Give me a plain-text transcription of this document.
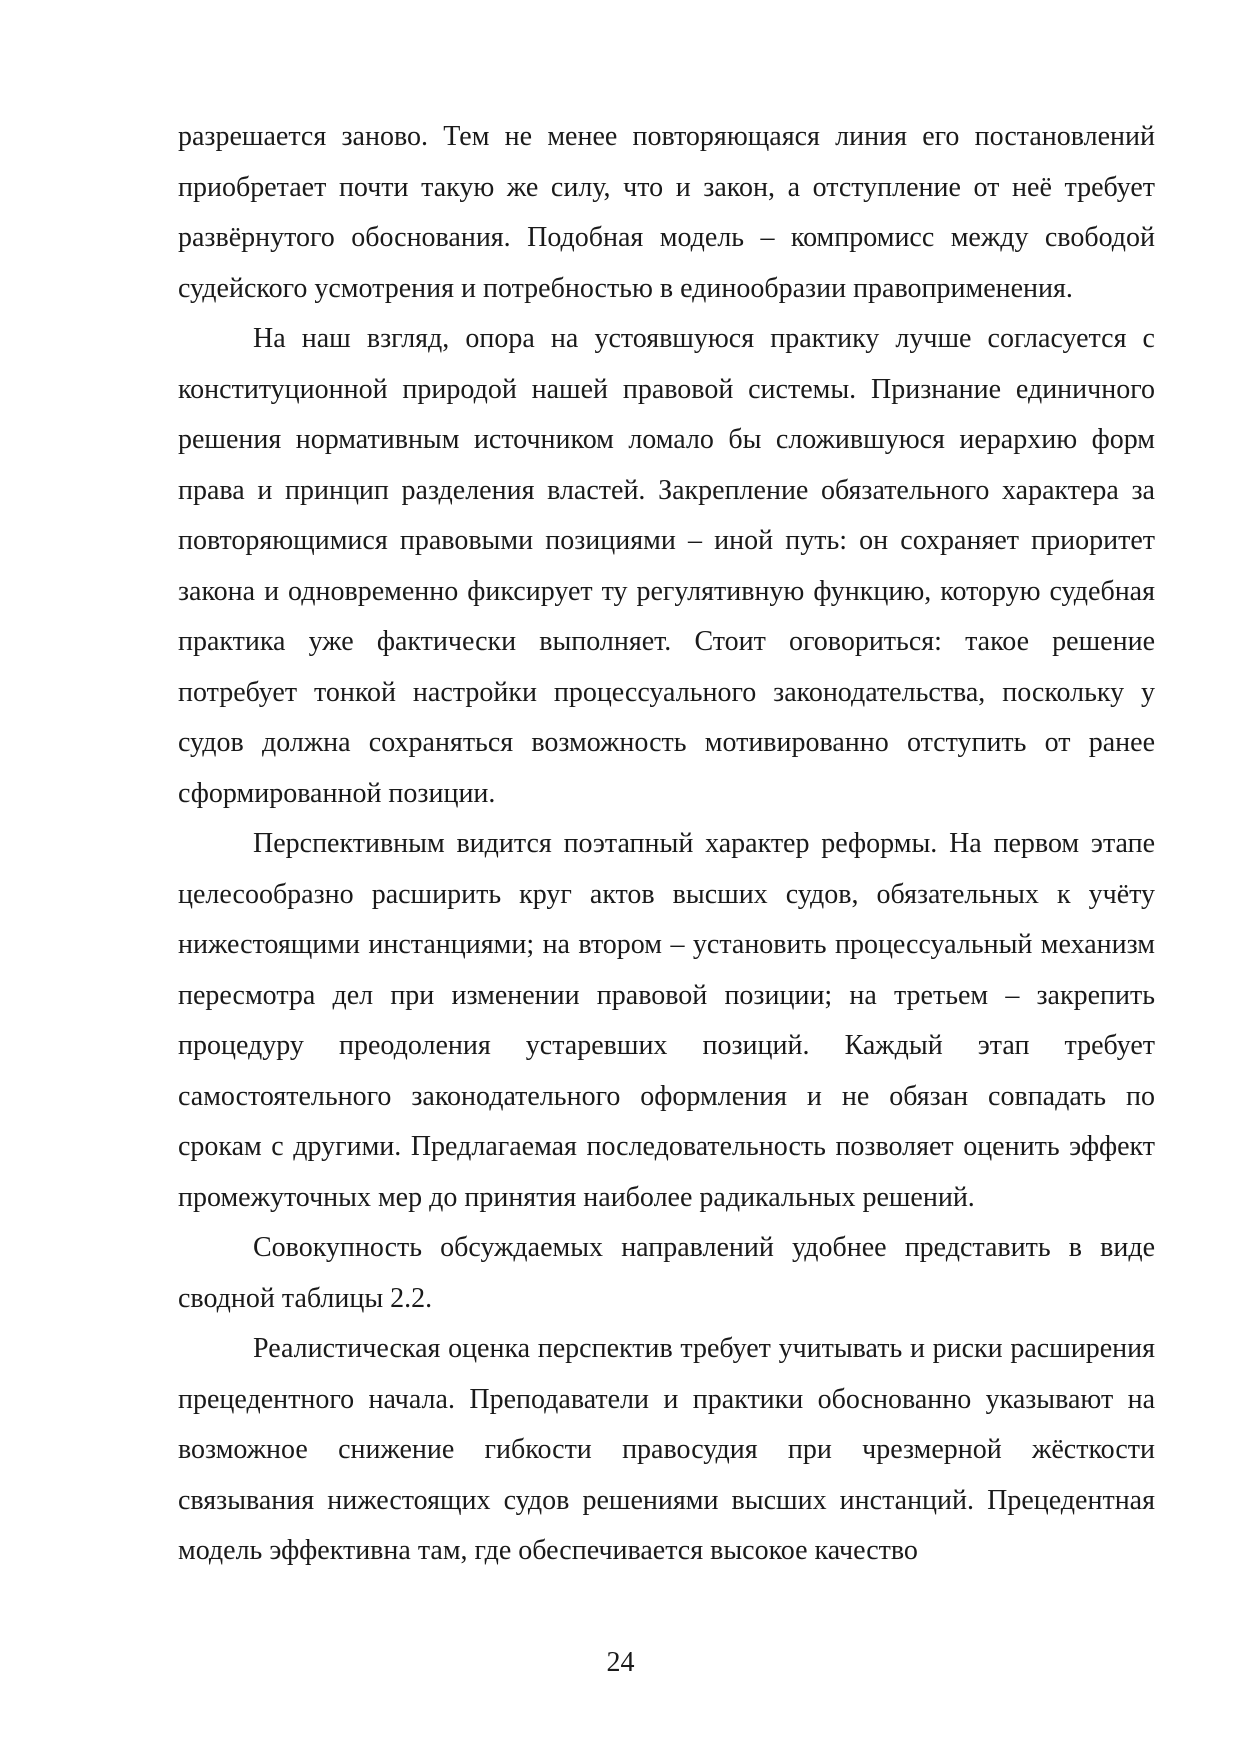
разрешается заново. Тем не менее повторяющаяся линия его постановлений приобретает почти такую же силу, что и закон, а отступление от неё требует развёрнутого обоснования. Подобная модель – компромисс между свободой судейского усмотрения и потребностью в единообразии правоприменения.

На наш взгляд, опора на устоявшуюся практику лучше согласуется с конституционной природой нашей правовой системы. Признание единичного решения нормативным источником ломало бы сложившуюся иерархию форм права и принцип разделения властей. Закрепление обязательного характера за повторяющимися правовыми позициями – иной путь: он сохраняет приоритет закона и одновременно фиксирует ту регулятивную функцию, которую судебная практика уже фактически выполняет. Стоит оговориться: такое решение потребует тонкой настройки процессуального законодательства, поскольку у судов должна сохраняться возможность мотивированно отступить от ранее сформированной позиции.

Перспективным видится поэтапный характер реформы. На первом этапе целесообразно расширить круг актов высших судов, обязательных к учёту нижестоящими инстанциями; на втором – установить процессуальный механизм пересмотра дел при изменении правовой позиции; на третьем – закрепить процедуру преодоления устаревших позиций. Каждый этап требует самостоятельного законодательного оформления и не обязан совпадать по срокам с другими. Предлагаемая последовательность позволяет оценить эффект промежуточных мер до принятия наиболее радикальных решений.

Совокупность обсуждаемых направлений удобнее представить в виде сводной таблицы 2.2.

Реалистическая оценка перспектив требует учитывать и риски расширения прецедентного начала. Преподаватели и практики обоснованно указывают на возможное снижение гибкости правосудия при чрезмерной жёсткости связывания нижестоящих судов решениями высших инстанций. Прецедентная модель эффективна там, где обеспечивается высокое качество

24
